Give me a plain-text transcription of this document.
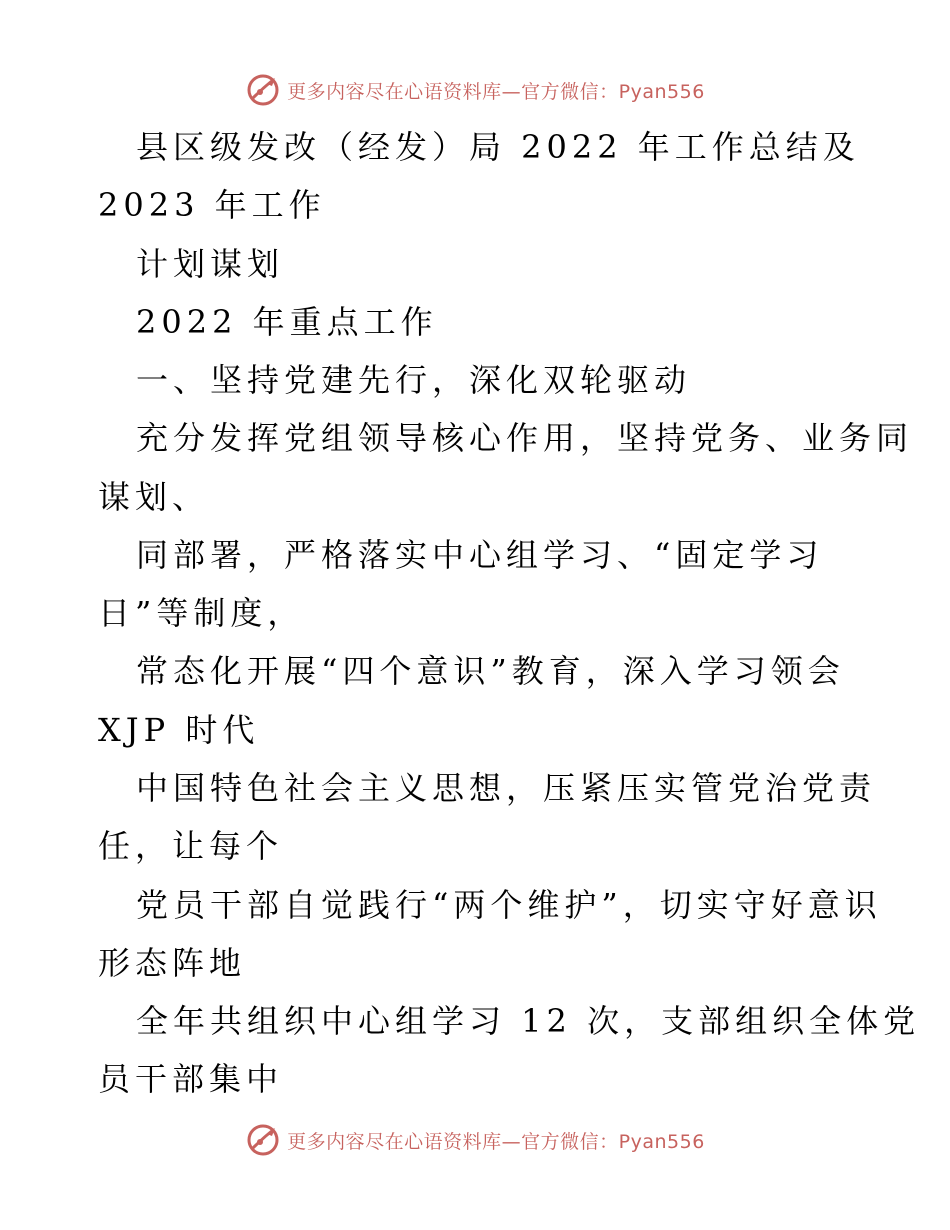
更多内容尽在心语资料库—官方微信：Pyan556
县区级发改（经发）局 2022 年工作总结及
2023 年工作
计划谋划
2022 年重点工作
一、坚持党建先行，深化双轮驱动
充分发挥党组领导核心作用，坚持党务、业务同
谋划、
同部署，严格落实中心组学习、“固定学习
日”等制度，
常态化开展“四个意识”教育，深入学习领会
XJP 时代
中国特色社会主义思想，压紧压实管党治党责
任，让每个
党员干部自觉践行“两个维护”，切实守好意识
形态阵地
全年共组织中心组学习 12 次，支部组织全体党
员干部集中
更多内容尽在心语资料库—官方微信：Pyan556
